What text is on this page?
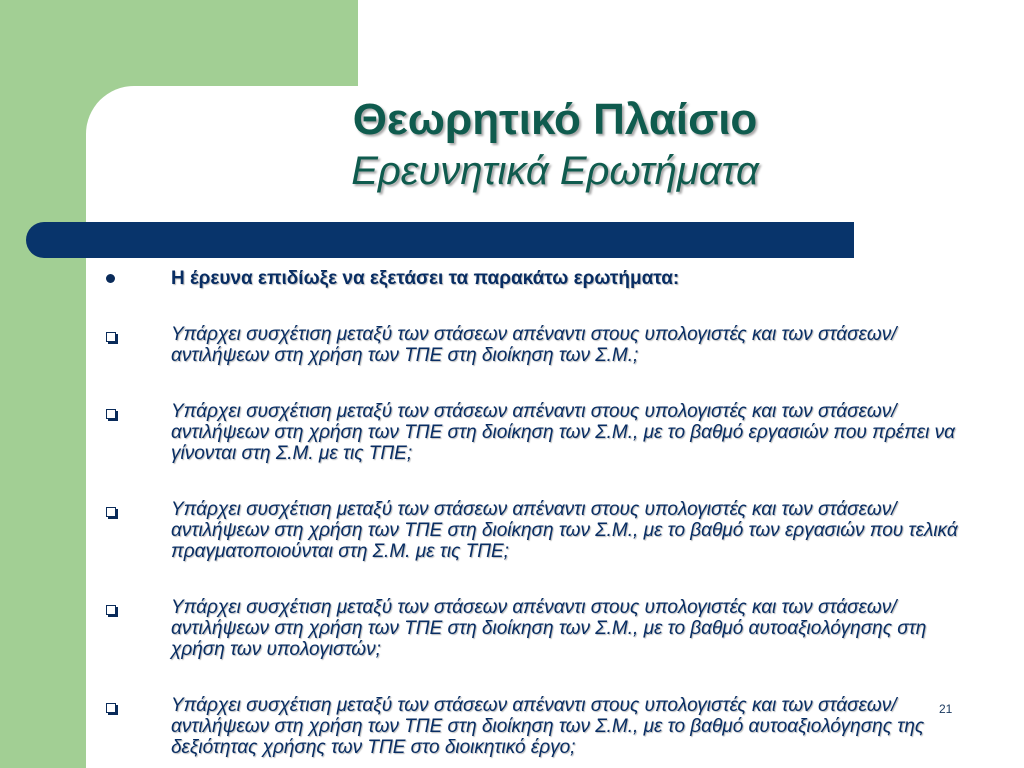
Θεωρητικό Πλαίσιο
Ερευνητικά Ερωτήματα
Η έρευνα επιδίωξε να εξετάσει τα παρακάτω ερωτήματα:
Υπάρχει συσχέτιση μεταξύ των στάσεων απέναντι στους υπολογιστές και των στάσεων/αντιλήψεων στη χρήση των ΤΠΕ στη διοίκηση των Σ.Μ.;
Υπάρχει συσχέτιση μεταξύ των στάσεων απέναντι στους υπολογιστές και των στάσεων/αντιλήψεων στη χρήση των ΤΠΕ στη διοίκηση των Σ.Μ., με το βαθμό εργασιών που πρέπει να γίνονται στη Σ.Μ. με τις ΤΠΕ;
Υπάρχει συσχέτιση μεταξύ των στάσεων απέναντι στους υπολογιστές και των στάσεων/αντιλήψεων στη χρήση των ΤΠΕ στη διοίκηση των Σ.Μ., με το βαθμό των εργασιών που τελικά πραγματοποιούνται στη Σ.Μ. με τις ΤΠΕ;
Υπάρχει συσχέτιση μεταξύ των στάσεων απέναντι στους υπολογιστές και των στάσεων/αντιλήψεων στη χρήση των ΤΠΕ στη διοίκηση των Σ.Μ., με το βαθμό αυτοαξιολόγησης στη χρήση των υπολογιστών;
Υπάρχει συσχέτιση μεταξύ των στάσεων απέναντι στους υπολογιστές και των στάσεων/αντιλήψεων στη χρήση των ΤΠΕ στη διοίκηση των Σ.Μ., με το βαθμό αυτοαξιολόγησης της δεξιότητας χρήσης των ΤΠΕ στο διοικητικό έργο;
21
